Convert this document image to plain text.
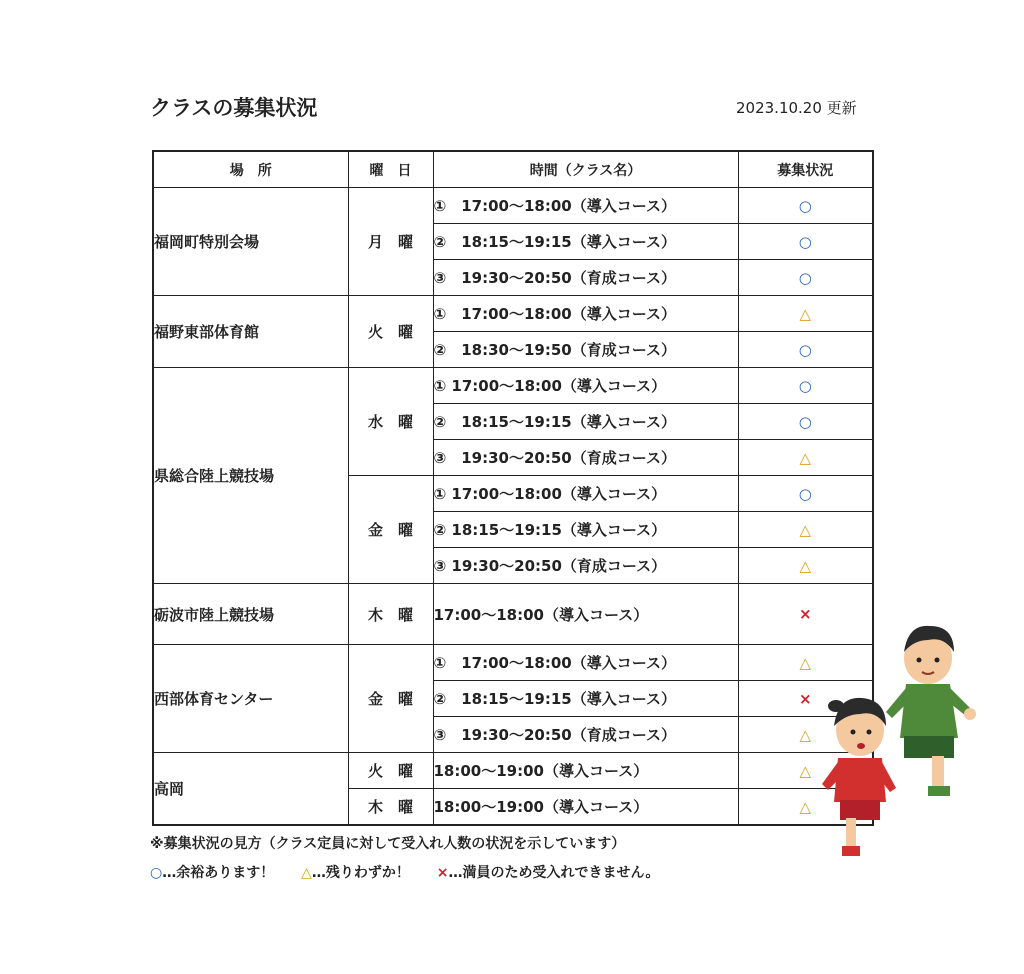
クラスの募集状況	2023.10.20 更新
場　所	曜　日	時間（クラス名）	募集状況
福岡町特別会場	月　曜	①　17:00～18:00（導入コース）	○
		②　18:15～19:15（導入コース）	○
		③　19:30～20:50（育成コース）	○
福野東部体育館	火　曜	①　17:00～18:00（導入コース）	△
		②　18:30～19:50（育成コース）	○
県総合陸上競技場	水　曜	① 17:00～18:00（導入コース）	○
		②　18:15～19:15（導入コース）	○
		③　19:30～20:50（育成コース）	△
	金　曜	① 17:00～18:00（導入コース）	○
		② 18:15～19:15（導入コース）	△
		③ 19:30～20:50（育成コース）	△
砺波市陸上競技場	木　曜	17:00～18:00（導入コース）	×
西部体育センター	金　曜	①　17:00～18:00（導入コース）	△
		②　18:15～19:15（導入コース）	×
		③　19:30～20:50（育成コース）	△
高岡	火　曜	18:00～19:00（導入コース）	△
	木　曜	18:00～19:00（導入コース）	△
※募集状況の見方（クラス定員に対して受入れ人数の状況を示しています）
○…余裕あります！ △…残りわずか！ ×…満員のため受入れできません。
